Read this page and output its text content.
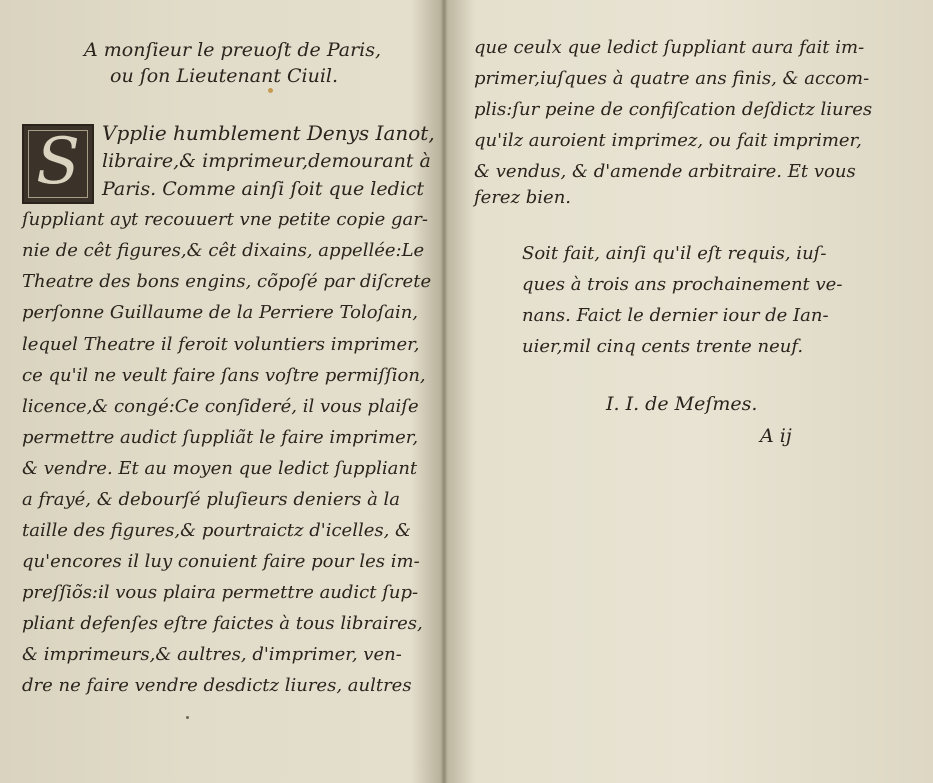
A monſieur le preuoſt de Paris,
ou ſon Lieutenant Ciuil.
S	Vpplie humblement Denys Ianot,
libraire,& imprimeur,demourant à
Paris. Comme ainſi ſoit que ledict
ſuppliant ayt recouuert vne petite copie gar-
nie de cêt figures,& cêt dixains, appellée:Le
Theatre des bons engins, cõpoſé par diſcrete
perſonne Guillaume de la Perriere Toloſain,
lequel Theatre il feroit voluntiers imprimer,
ce qu'il ne veult faire ſans voſtre permiſſion,
licence,& congé:Ce conſideré, il vous plaiſe
permettre audict ſuppliãt le faire imprimer,
& vendre. Et au moyen que ledict ſuppliant
a frayé, & debourſé pluſieurs deniers à la
taille des figures,& pourtraictz d'icelles, &
qu'encores il luy conuient faire pour les im-
preſſiõs:il vous plaira permettre audict ſup-
pliant defenſes eſtre faictes à tous libraires,
& imprimeurs,& aultres, d'imprimer, ven-
dre ne faire vendre desdictz liures, aultres
que ceulx que ledict ſuppliant aura fait im-
primer,iuſques à quatre ans finis, & accom-
plis:ſur peine de confiſcation deſdictz liures
qu'ilz auroient imprimez, ou fait imprimer,
& vendus, & d'amende arbitraire. Et vous
ferez bien.
Soit fait, ainſi qu'il eſt requis, iuſ-
ques à trois ans prochainement ve-
nans. Faict le dernier iour de Ian-
uier,mil cinq cents trente neuf.
I. I. de Meſmes.
A ij
